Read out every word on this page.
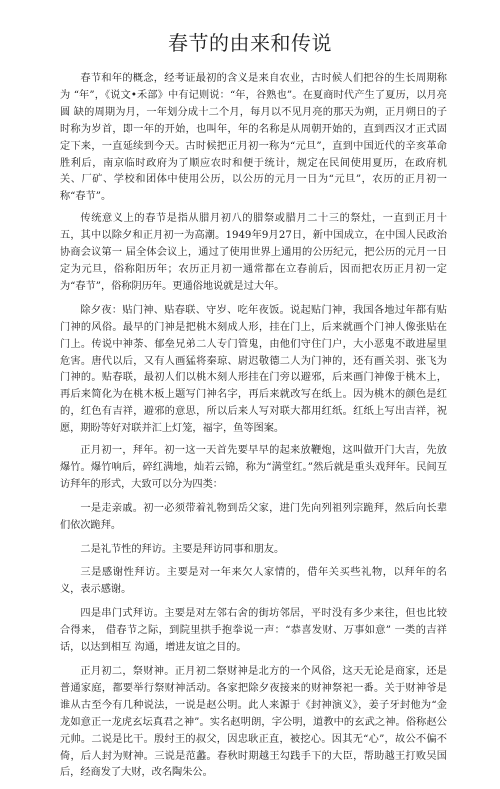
春节的由来和传说

春节和年的概念，经考证最初的含义是来自农业，古时候人们把谷的生长周期称为 “年”，《说文•禾部》中有记则说：“年，谷熟也”。在夏商时代产生了夏历，以月亮圆 缺的周期为月，一年划分成十二个月，每月以不见月亮的那天为朔，正月朔日的子时称为岁首，即一年的开始，也叫年，年的名称是从周朝开始的，直到西汉才正式固定下来，一直延续到今天。古时候把正月初一称为“元旦”，直到中国近代的辛亥革命胜利后，南京临时政府为了顺应农时和便于统计，规定在民间使用夏历，在政府机关、厂矿、学校和团体中使用公历，以公历的元月一日为“元旦”，农历的正月初一称“春节”。

传统意义上的春节是指从腊月初八的腊祭或腊月二十三的祭灶，一直到正月十五，其中以除夕和正月初一为高潮。1949年9月27日，新中国成立，在中国人民政治协商会议第一 届全体会议上，通过了使用世界上通用的公历纪元，把公历的元月一日定为元旦，俗称阳历年；农历正月初一通常都在立春前后，因而把农历正月初一定为“春节”，俗称阴历年。更通俗地说就是过大年。

除夕夜：贴门神、贴春联、守岁、吃年夜饭。说起贴门神，我国各地过年都有贴门神的风俗。最早的门神是把桃木刻成人形，挂在门上，后来就画个门神人像张贴在门上。传说中神荼、郁垒兄弟二人专门管鬼，由他们守住门户，大小恶鬼不敢进屋里危害。唐代以后，又有人画猛将秦琼、尉迟敬德二人为门神的，还有画关羽、张飞为门神的。贴春联，最初人们以桃木刻人形挂在门旁以避邪，后来画门神像于桃木上，再后来简化为在桃木板上题写门神名字，再后来就改写在纸上。因为桃木的颜色是红的，红色有吉祥，避邪的意思，所以后来人写对联大都用红纸。红纸上写出吉祥，祝愿，期盼等好对联并汇上灯笼，福字，鱼等图案。

正月初一，拜年。初一这一天首先要早早的起来放鞭炮，这叫做开门大吉，先放爆竹。爆竹响后，碎红满地，灿若云锦，称为“满堂红。”然后就是重头戏拜年。民间互访拜年的形式，大致可以分为四类：

一是走亲戚。初一必须带着礼物到岳父家，进门先向列祖列宗跪拜，然后向长辈们依次跪拜。

二是礼节性的拜访。主要是拜访同事和朋友。

三是感谢性拜访。主要是对一年来欠人家情的，借年关买些礼物，以拜年的名义，表示感谢。

四是串门式拜访。主要是对左邻右舍的街坊邻居，平时没有多少来往，但也比较合得来， 借春节之际，到院里拱手抱拳说一声：“恭喜发财、万事如意” 一类的吉祥话，以达到相互 沟通，增进友谊之目的。

正月初二，祭财神。正月初二祭财神是北方的一个风俗，这天无论是商家，还是普通家庭，都要举行祭财神活动。各家把除夕夜接来的财神祭祀一番。关于财神爷是谁从古至今有几种说法，一说是赵公明。此人来源于《封神演义》，姜子牙封他为“金龙如意正一龙虎玄坛真君之神”。实名赵明朗，字公明，道教中的玄武之神。俗称赵公元帅。二说是比干。殷纣王的叔父，因忠耿正直，被挖心。因其无“心”，故公不偏不倚，后人封为财神。三说是范蠡。春秋时期越王勾践手下的大臣，帮助越王打败吴国后，经商发了大财，改名陶朱公。
